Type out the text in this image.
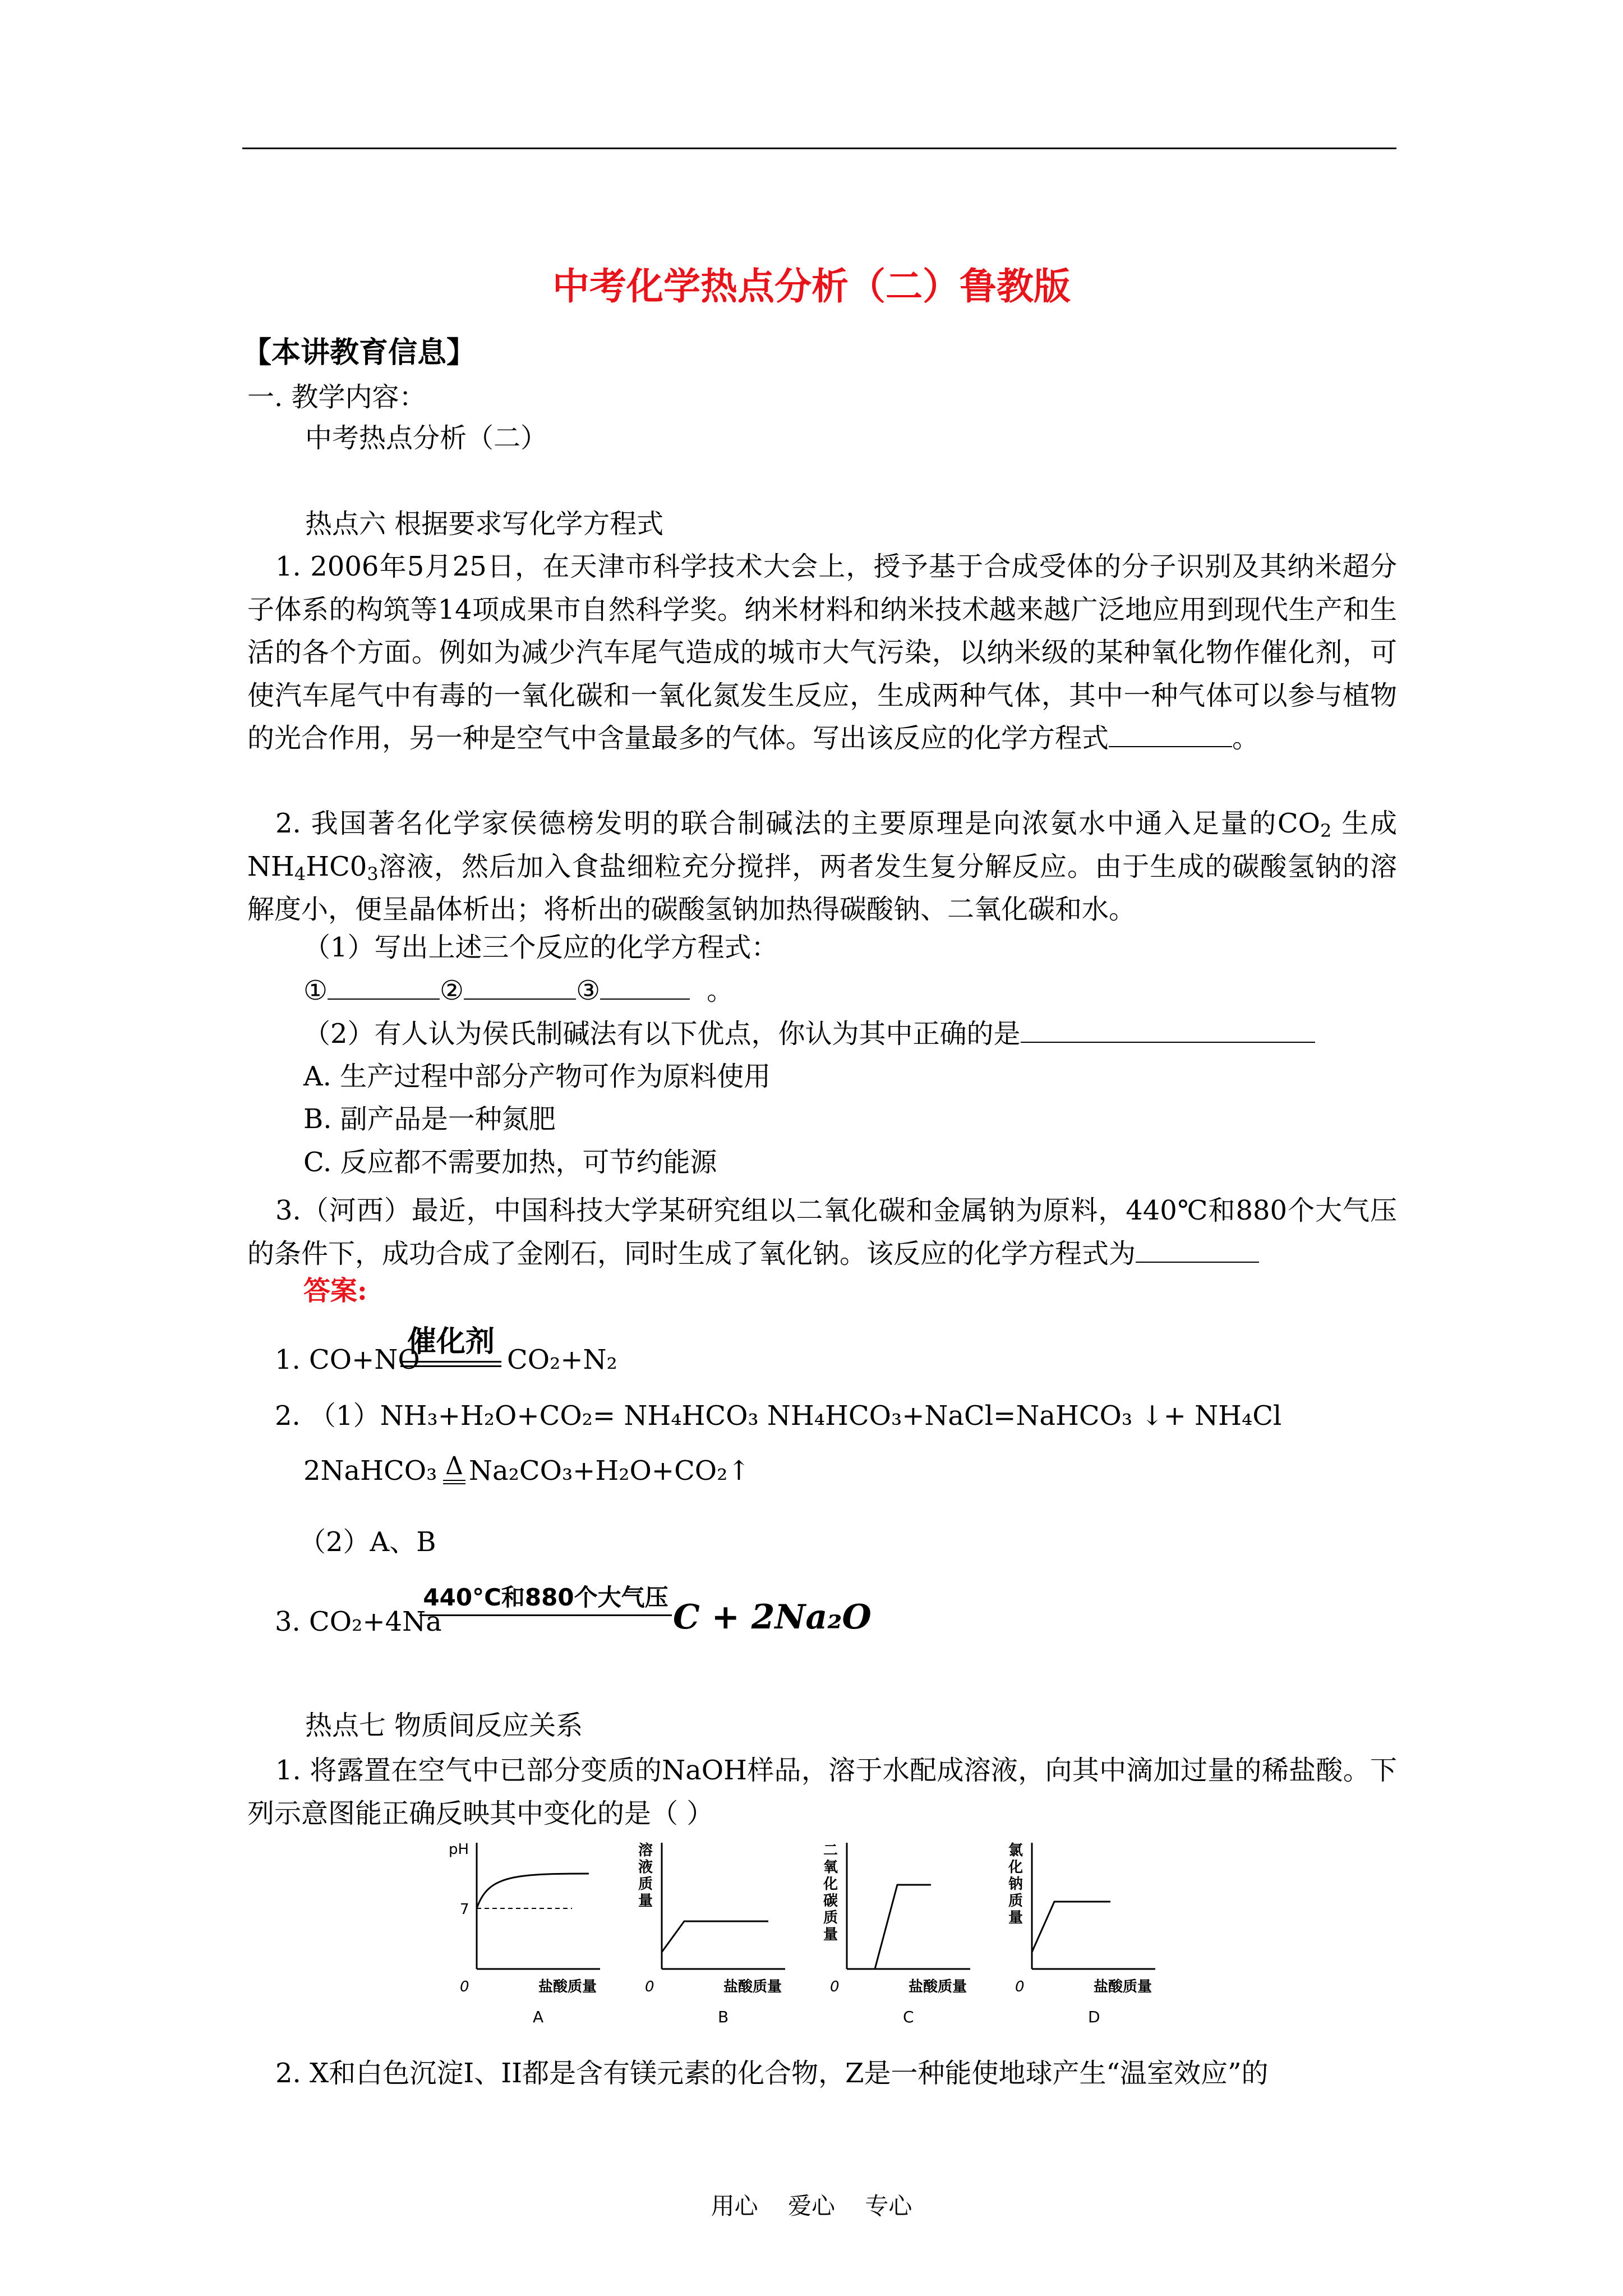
中考化学热点分析（二）鲁教版
【本讲教育信息】
一. 教学内容：
中考热点分析（二）
热点六 根据要求写化学方程式
1. 2006年5月25日，在天津市科学技术大会上，授予基于合成受体的分子识别及其纳米超分子体系的构筑等14项成果市自然科学奖。纳米材料和纳米技术越来越广泛地应用到现代生产和生活的各个方面。例如为减少汽车尾气造成的城市大气污染，以纳米级的某种氧化物作催化剂，可使汽车尾气中有毒的一氧化碳和一氧化氮发生反应，生成两种气体，其中一种气体可以参与植物的光合作用，另一种是空气中含量最多的气体。写出该反应的化学方程式	。
2. 我国著名化学家侯德榜发明的联合制碱法的主要原理是向浓氨水中通入足量的$CO_2$ 生成$NH_4HC0_3$溶液，然后加入食盐细粒充分搅拌，两者发生复分解反应。由于生成的碳酸氢钠的溶解度小，便呈晶体析出；将析出的碳酸氢钠加热得碳酸钠、二氧化碳和水。
（1）写出上述三个反应的化学方程式：
①	②	③	。
（2）有人认为侯氏制碱法有以下优点，你认为其中正确的是
A. 生产过程中部分产物可作为原料使用
B. 副产品是一种氮肥
C. 反应都不需要加热，可节约能源
3.（河西）最近，中国科技大学某研究组以二氧化碳和金属钠为原料，440℃和880个大气压的条件下，成功合成了金刚石，同时生成了氧化钠。该反应的化学方程式为
答案:
1. CO+NO
催化剂
CO₂+N₂
2. （1）NH₃+H₂O+CO₂= NH₄HCO₃ NH₄HCO₃+NaCl=NaHCO₃ ↓+ NH₄Cl
2NaHCO₃ Δ Na₂CO₃+H₂O+CO₂↑
（2）A、B
3. CO₂+4Na
440°C和880个大气压
C + 2Na₂O
热点七 物质间反应关系
1. 将露置在空气中已部分变质的NaOH样品，溶于水配成溶液，向其中滴加过量的稀盐酸。下列示意图能正确反映其中变化的是（ ）
pH
0	盐酸质量
A
7
溶
液
质
量
0	盐酸质量
B
二
氧
化
碳
质
量
0	盐酸质量
C
氯
化
钠
质
量
0	盐酸质量
D
2. X和白色沉淀I、II都是含有镁元素的化合物，Z是一种能使地球产生“温室效应”的
用心    爱心    专心
